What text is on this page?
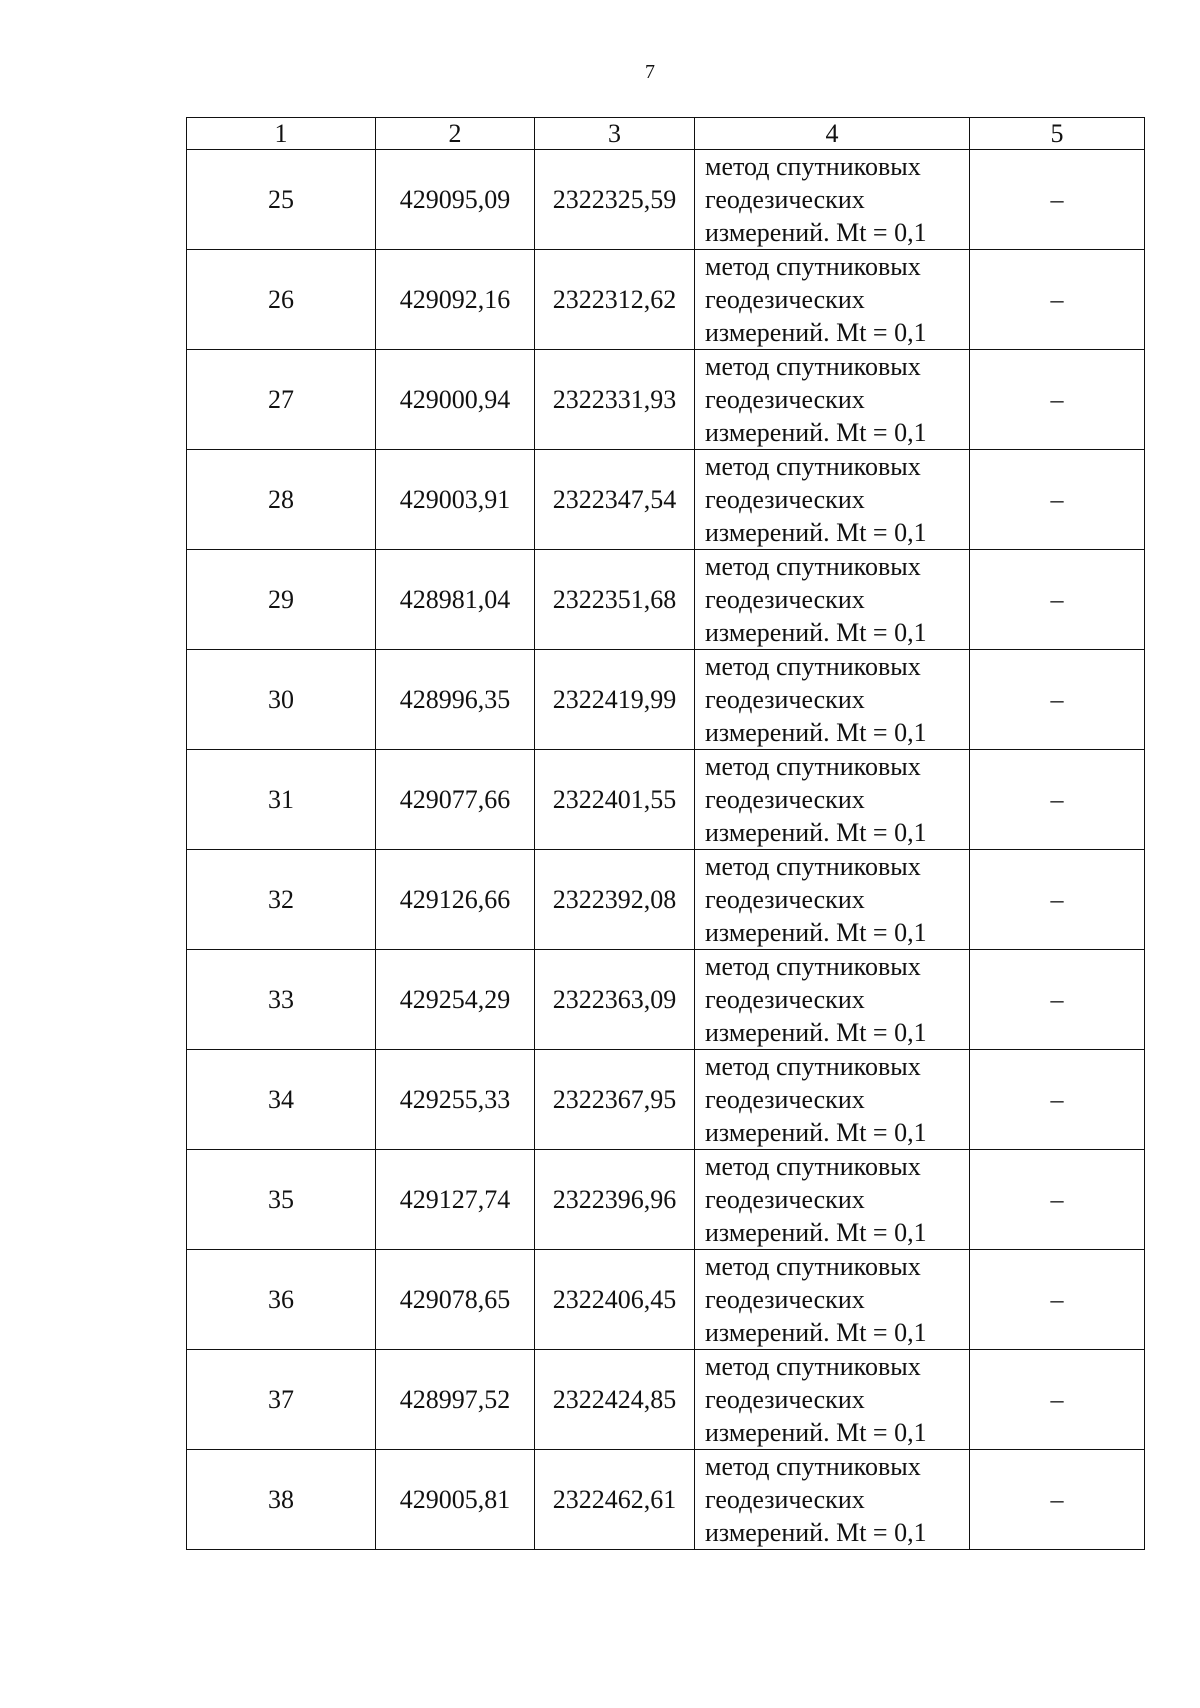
7
1	2	3	4	5
25	429095,09	2322325,59	метод спутниковых
геодезических
измерений. Mt = 0,1	–
26	429092,16	2322312,62	метод спутниковых
геодезических
измерений. Mt = 0,1	–
27	429000,94	2322331,93	метод спутниковых
геодезических
измерений. Mt = 0,1	–
28	429003,91	2322347,54	метод спутниковых
геодезических
измерений. Mt = 0,1	–
29	428981,04	2322351,68	метод спутниковых
геодезических
измерений. Mt = 0,1	–
30	428996,35	2322419,99	метод спутниковых
геодезических
измерений. Mt = 0,1	–
31	429077,66	2322401,55	метод спутниковых
геодезических
измерений. Mt = 0,1	–
32	429126,66	2322392,08	метод спутниковых
геодезических
измерений. Mt = 0,1	–
33	429254,29	2322363,09	метод спутниковых
геодезических
измерений. Mt = 0,1	–
34	429255,33	2322367,95	метод спутниковых
геодезических
измерений. Mt = 0,1	–
35	429127,74	2322396,96	метод спутниковых
геодезических
измерений. Mt = 0,1	–
36	429078,65	2322406,45	метод спутниковых
геодезических
измерений. Mt = 0,1	–
37	428997,52	2322424,85	метод спутниковых
геодезических
измерений. Mt = 0,1	–
38	429005,81	2322462,61	метод спутниковых
геодезических
измерений. Mt = 0,1	–
